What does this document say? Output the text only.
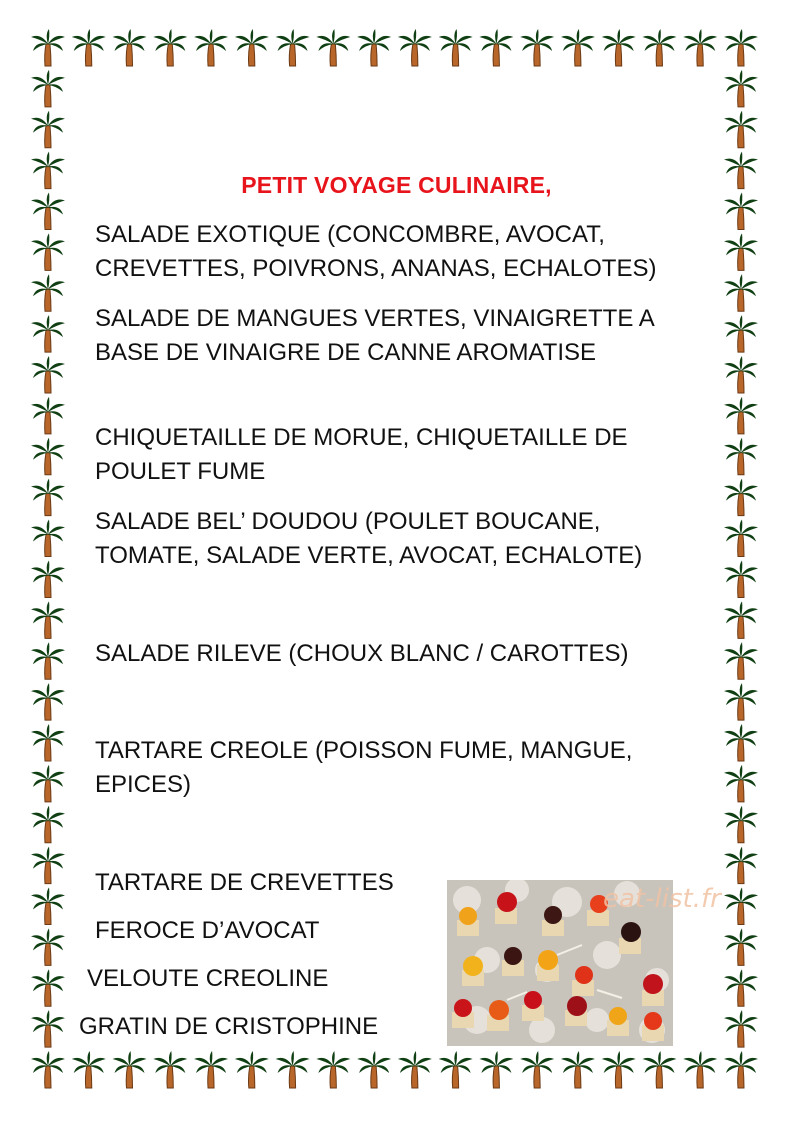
PETIT VOYAGE CULINAIRE,
SALADE EXOTIQUE (CONCOMBRE, AVOCAT,
CREVETTES, POIVRONS, ANANAS, ECHALOTES)
SALADE DE MANGUES VERTES, VINAIGRETTE A
BASE DE VINAIGRE DE CANNE AROMATISE
CHIQUETAILLE DE MORUE, CHIQUETAILLE DE
POULET FUME
SALADE BEL’ DOUDOU (POULET BOUCANE,
TOMATE, SALADE VERTE, AVOCAT, ECHALOTE)
SALADE RILEVE (CHOUX BLANC / CAROTTES)
TARTARE CREOLE (POISSON FUME, MANGUE,
EPICES)
TARTARE DE CREVETTES
FEROCE D’AVOCAT
VELOUTE CREOLINE
GRATIN DE CRISTOPHINE
eat-list.fr
